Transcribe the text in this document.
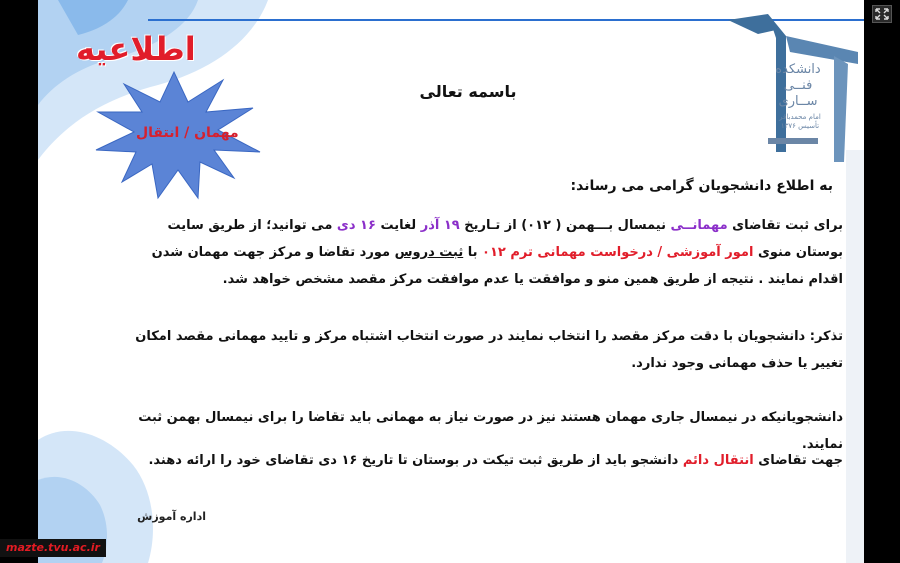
اطلاعیه
مهمان / انتقال
باسمه تعالی
دانشکده
فنــی
ســاری
امام محمدباقر
تأسیس ۱۳۷۶
به اطلاع دانشجویان گرامی می رساند:
برای ثبت تقاضای مهمانــی نیمسال بـــهمن ( ۰۱۲) از تـاریخ ۱۹ آذر لغایت ۱۶ دی می توانید؛ از طریق سایت بوستان منوی امور آموزشی / درخواست مهمانی ترم ۰۱۲ با ثبت دروس مورد تقاضا و مرکز جهت مهمان شدن اقدام نمایند . نتیجه از طریق همین منو و موافقت یا عدم موافقت مرکز مقصد مشخص خواهد شد.
تذکر: دانشجویان با دقت مرکز مقصد را انتخاب نمایند در صورت انتخاب اشتباه مرکز و تایید مهمانی مقصد امکان تغییر یا حذف مهمانی وجود ندارد.
دانشجویانیکه در نیمسال جاری مهمان هستند نیز در صورت نیاز به مهمانی باید تقاضا را برای نیمسال بهمن ثبت نمایند.
جهت تقاضای انتقال دائم دانشجو باید از طریق ثبت تیکت در بوستان تا تاریخ ۱۶ دی تقاضای خود را ارائه دهند.
اداره آموزش
mazte.tvu.ac.ir
